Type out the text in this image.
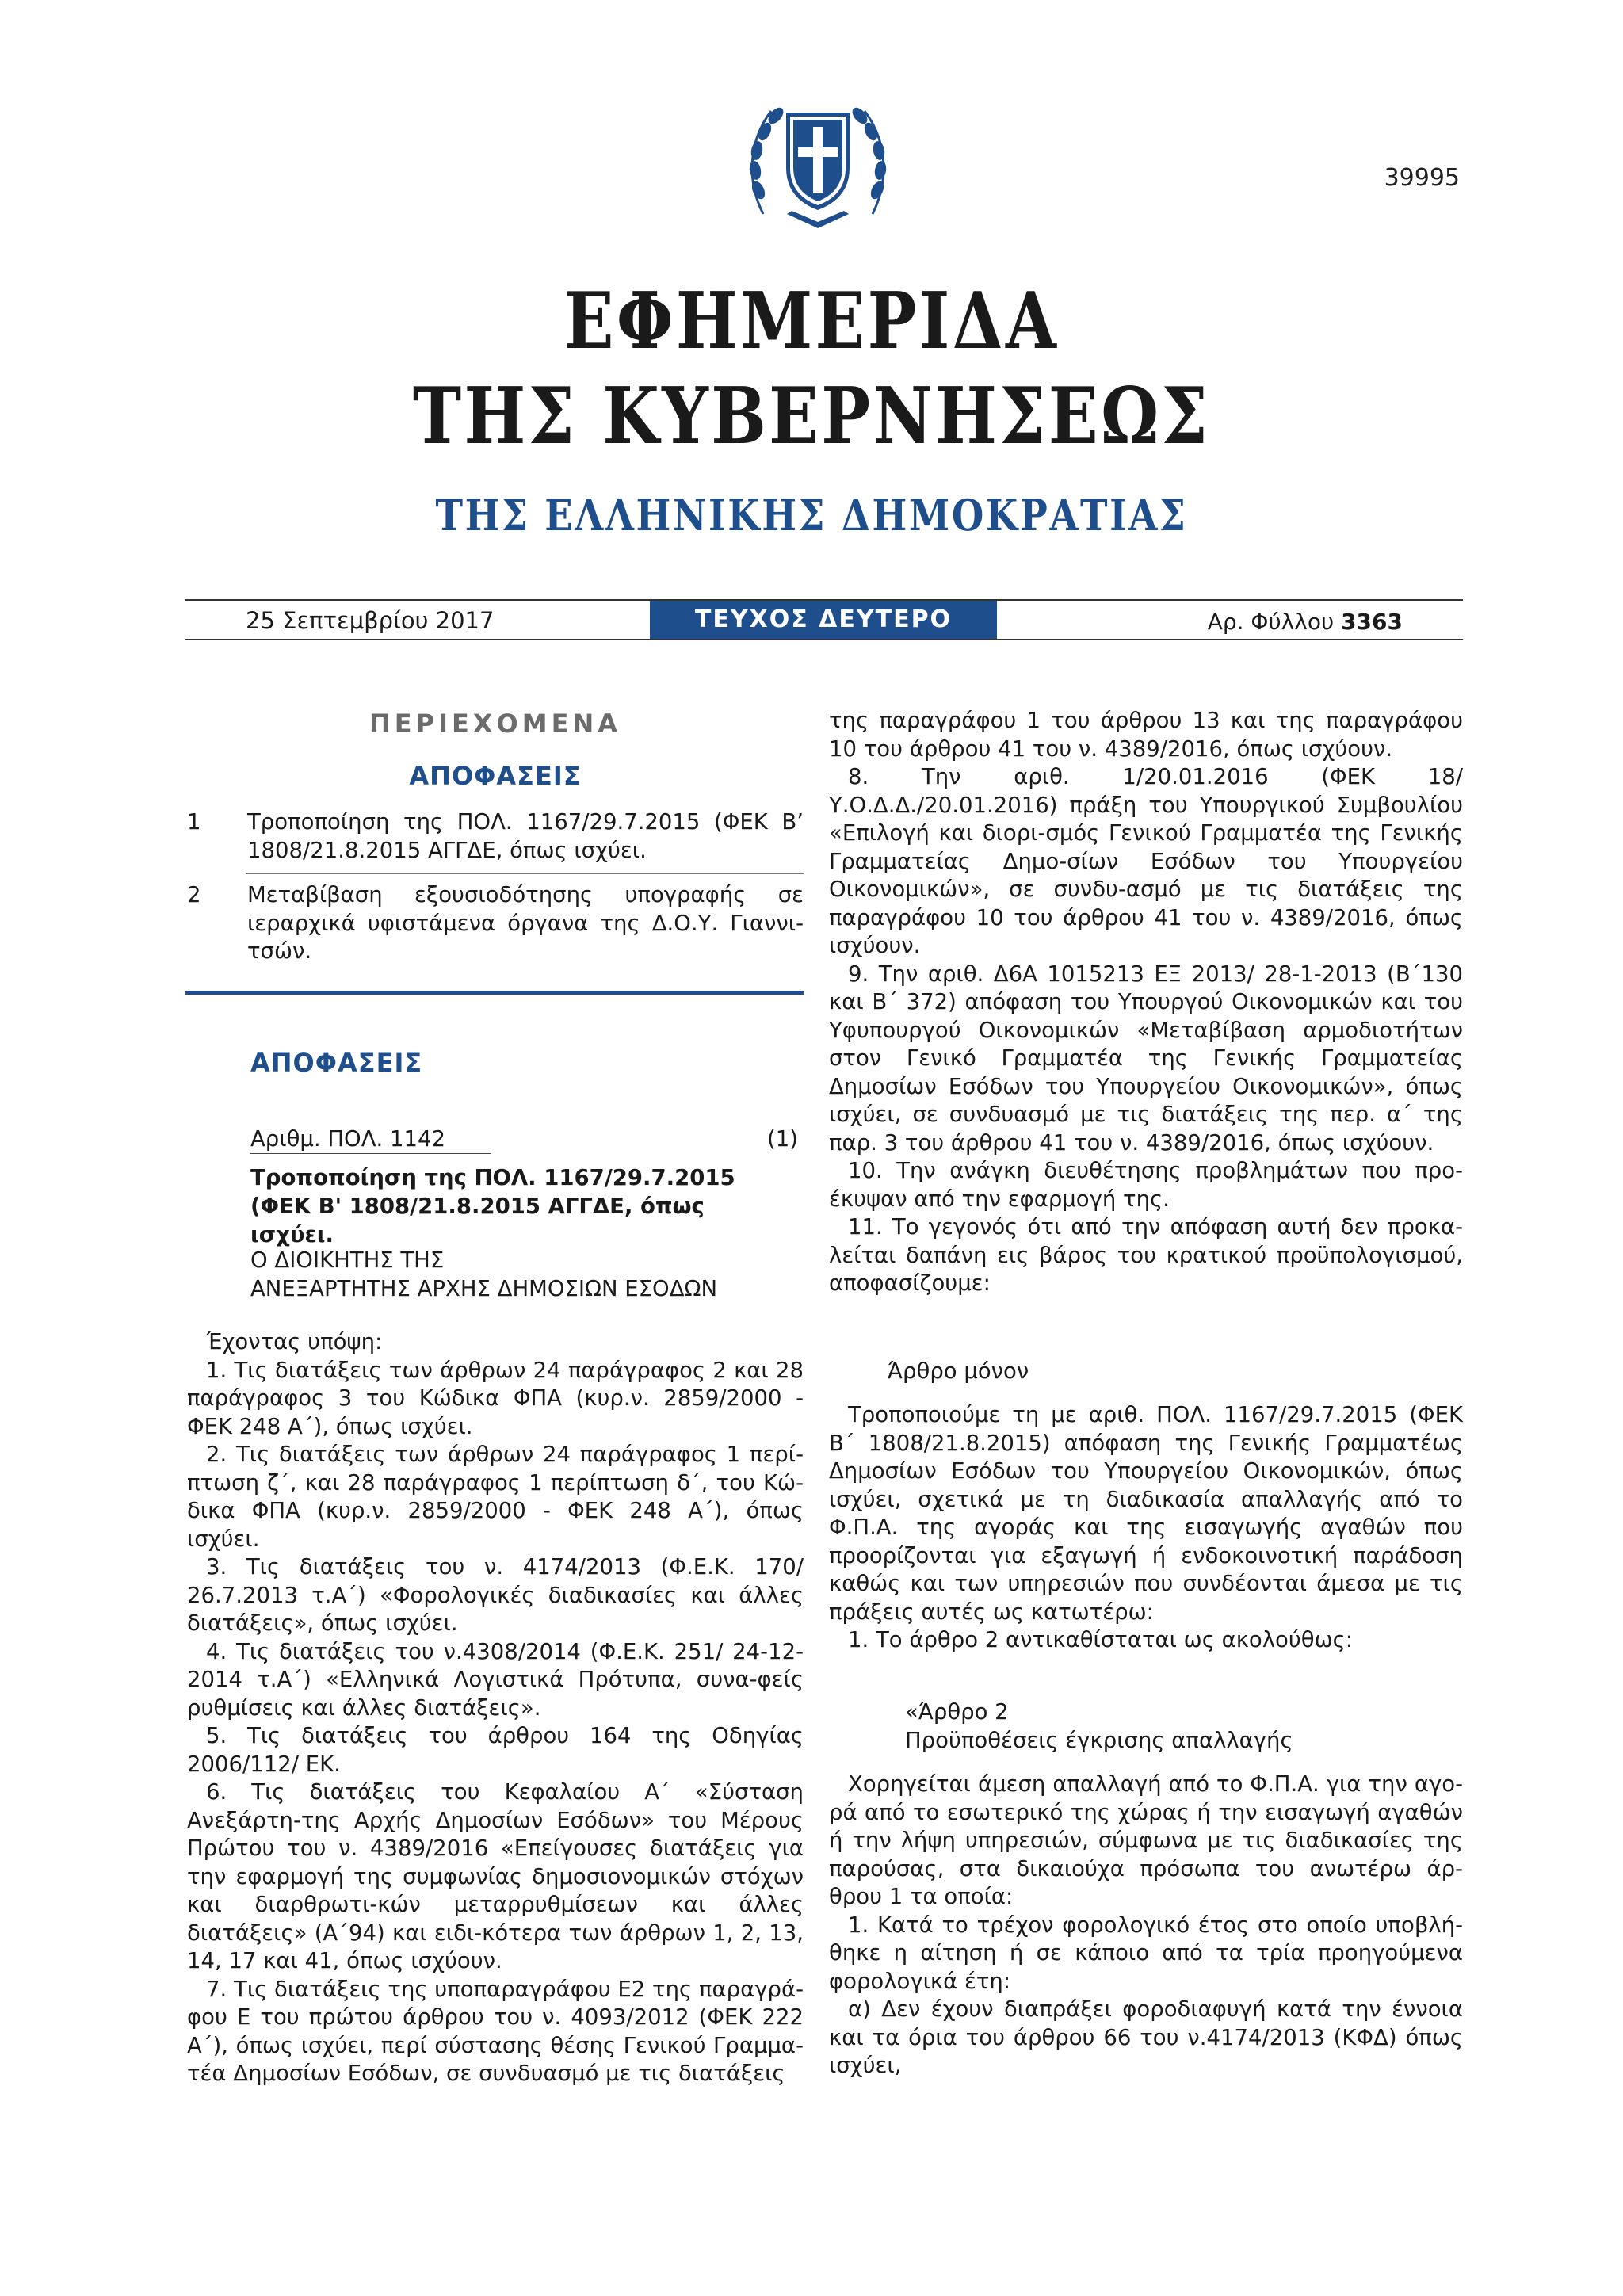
39995
ΕΦΗΜΕΡΙΔΑ
ΤΗΣ ΚΥΒΕΡΝΗΣΕΩΣ
ΤΗΣ ΕΛΛΗΝΙΚΗΣ ΔΗΜΟΚΡΑΤΙΑΣ
25 Σεπτεμβρίου 2017	ΤΕΥΧΟΣ ΔΕΥΤΕΡΟ	Αρ. Φύλλου 3363
ΠΕΡΙΕΧΟΜΕΝΑ
ΑΠΟΦΑΣΕΙΣ
1 Τροποποίηση της ΠΟΛ. 1167/29.7.2015 (ΦΕΚ Β’ 1808/21.8.2015 ΑΓΓΔΕ, όπως ισχύει.
2 Μεταβίβαση εξουσιοδότησης υπογραφής σε ιεραρχικά υφιστάμενα όργανα της Δ.Ο.Υ. Γιαννι-τσών.
ΑΠΟΦΑΣΕΙΣ
Αριθμ. ΠΟΛ. 1142	(1)
Τροποποίηση της ΠΟΛ. 1167/29.7.2015 (ΦΕΚ Β' 1808/21.8.2015 ΑΓΓΔΕ, όπως ισχύει.
Ο ΔΙΟΙΚΗΤΗΣ ΤΗΣ
ΑΝΕΞΑΡΤΗΤΗΣ ΑΡΧΗΣ ΔΗΜΟΣΙΩΝ ΕΣΟΔΩΝ

Έχοντας υπόψη:

1. Τις διατάξεις των άρθρων 24 παράγραφος 2 και 28 παράγραφος 3 του Κώδικα ΦΠΑ (κυρ.ν. 2859/2000 - ΦΕΚ 248 Α΄), όπως ισχύει.

2. Τις διατάξεις των άρθρων 24 παράγραφος 1 περί-πτωση ζ΄, και 28 παράγραφος 1 περίπτωση δ΄, του Κώ-δικα ΦΠΑ (κυρ.ν. 2859/2000 - ΦΕΚ 248 Α΄), όπως ισχύει.

3. Τις διατάξεις του ν. 4174/2013 (Φ.Ε.Κ. 170/ 26.7.2013 τ.Α΄) «Φορολογικές διαδικασίες και άλλες διατάξεις», όπως ισχύει.

4. Τις διατάξεις του ν.4308/2014 (Φ.Ε.Κ. 251/ 24-12-2014 τ.Α΄) «Ελληνικά Λογιστικά Πρότυπα, συνα-φείς ρυθμίσεις και άλλες διατάξεις».

5. Τις διατάξεις του άρθρου 164 της Οδηγίας 2006/112/ ΕΚ.

6. Τις διατάξεις του Κεφαλαίου Α΄ «Σύσταση Ανεξάρτη-της Αρχής Δημοσίων Εσόδων» του Μέρους Πρώτου του ν. 4389/2016 «Επείγουσες διατάξεις για την εφαρμογή της συμφωνίας δημοσιονομικών στόχων και διαρθρωτι-κών μεταρρυθμίσεων και άλλες διατάξεις» (Α΄94) και ειδι-κότερα των άρθρων 1, 2, 13, 14, 17 και 41, όπως ισχύουν.

7. Τις διατάξεις της υποπαραγράφου Ε2 της παραγρά-φου Ε του πρώτου άρθρου του ν. 4093/2012 (ΦΕΚ 222 Α΄), όπως ισχύει, περί σύστασης θέσης Γενικού Γραμμα-τέα Δημοσίων Εσόδων, σε συνδυασμό με τις διατάξεις

της παραγράφου 1 του άρθρου 13 και της παραγράφου 10 του άρθρου 41 του ν. 4389/2016, όπως ισχύουν.

8. Την αριθ. 1/20.01.2016 (ΦΕΚ 18/ Υ.Ο.Δ.Δ./20.01.2016) πράξη του Υπουργικού Συμβουλίου «Επιλογή και διορι-σμός Γενικού Γραμματέα της Γενικής Γραμματείας Δημο-σίων Εσόδων του Υπουργείου Οικονομικών», σε συνδυ-ασμό με τις διατάξεις της παραγράφου 10 του άρθρου 41 του ν. 4389/2016, όπως ισχύουν.

9. Την αριθ. Δ6Α 1015213 ΕΞ 2013/ 28-1-2013 (Β΄130 και Β΄ 372) απόφαση του Υπουργού Οικονομικών και του Υφυπουργού Οικονομικών «Μεταβίβαση αρμοδιοτήτων στον Γενικό Γραμματέα της Γενικής Γραμματείας Δημοσίων Εσόδων του Υπουργείου Οικονομικών», όπως ισχύει, σε συνδυασμό με τις διατάξεις της περ. α΄ της παρ. 3 του άρθρου 41 του ν. 4389/2016, όπως ισχύουν.

10. Την ανάγκη διευθέτησης προβλημάτων που προ-έκυψαν από την εφαρμογή της.

11. Το γεγονός ότι από την απόφαση αυτή δεν προκα-λείται δαπάνη εις βάρος του κρατικού προϋπολογισμού, αποφασίζουμε:

Άρθρο μόνον

Τροποποιούμε τη με αριθ. ΠΟΛ. 1167/29.7.2015 (ΦΕΚ Β΄ 1808/21.8.2015) απόφαση της Γενικής Γραμματέως Δημοσίων Εσόδων του Υπουργείου Οικονομικών, όπως ισχύει, σχετικά με τη διαδικασία απαλλαγής από το Φ.Π.Α. της αγοράς και της εισαγωγής αγαθών που προορίζονται για εξαγωγή ή ενδοκοινοτική παράδοση καθώς και των υπηρεσιών που συνδέονται άμεσα με τις πράξεις αυτές ως κατωτέρω:

1. Το άρθρο 2 αντικαθίσταται ως ακολούθως:

«Άρθρο 2
Προϋποθέσεις έγκρισης απαλλαγής

Χορηγείται άμεση απαλλαγή από το Φ.Π.Α. για την αγο-ρά από το εσωτερικό της χώρας ή την εισαγωγή αγαθών ή την λήψη υπηρεσιών, σύμφωνα με τις διαδικασίες της παρούσας, στα δικαιούχα πρόσωπα του ανωτέρω άρ-θρου 1 τα οποία:

1. Κατά το τρέχον φορολογικό έτος στο οποίο υποβλή-θηκε η αίτηση ή σε κάποιο από τα τρία προηγούμενα φορολογικά έτη:

α) Δεν έχουν διαπράξει φοροδιαφυγή κατά την έννοια και τα όρια του άρθρου 66 του ν.4174/2013 (ΚΦΔ) όπως ισχύει,
